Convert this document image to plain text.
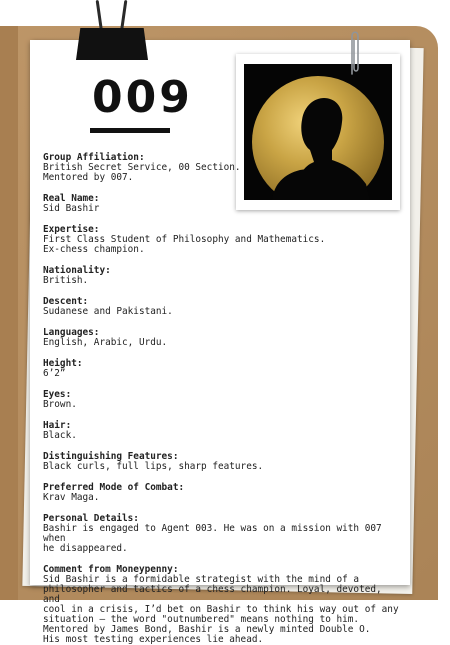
009
Group Affiliation:
British Secret Service, 00 Section.
Mentored by 007.
Real Name:
Sid Bashir
Expertise:
First Class Student of Philosophy and Mathematics.
Ex-chess champion.
Nationality:
British.
Descent:
Sudanese and Pakistani.
Languages:
English, Arabic, Urdu.
Height:
6’2”
Eyes:
Brown.
Hair:
Black.
Distinguishing Features:
Black curls, full lips, sharp features.
Preferred Mode of Combat:
Krav Maga.
Personal Details:
Bashir is engaged to Agent 003. He was on a mission with 007 when
he disappeared.
Comment from Moneypenny:
Sid Bashir is a formidable strategist with the mind of a
philosopher and tactics of a chess champion. Loyal, devoted, and
cool in a crisis, I’d bet on Bashir to think his way out of any
situation – the word "outnumbered" means nothing to him.
Mentored by James Bond, Bashir is a newly minted Double O.
His most testing experiences lie ahead.
